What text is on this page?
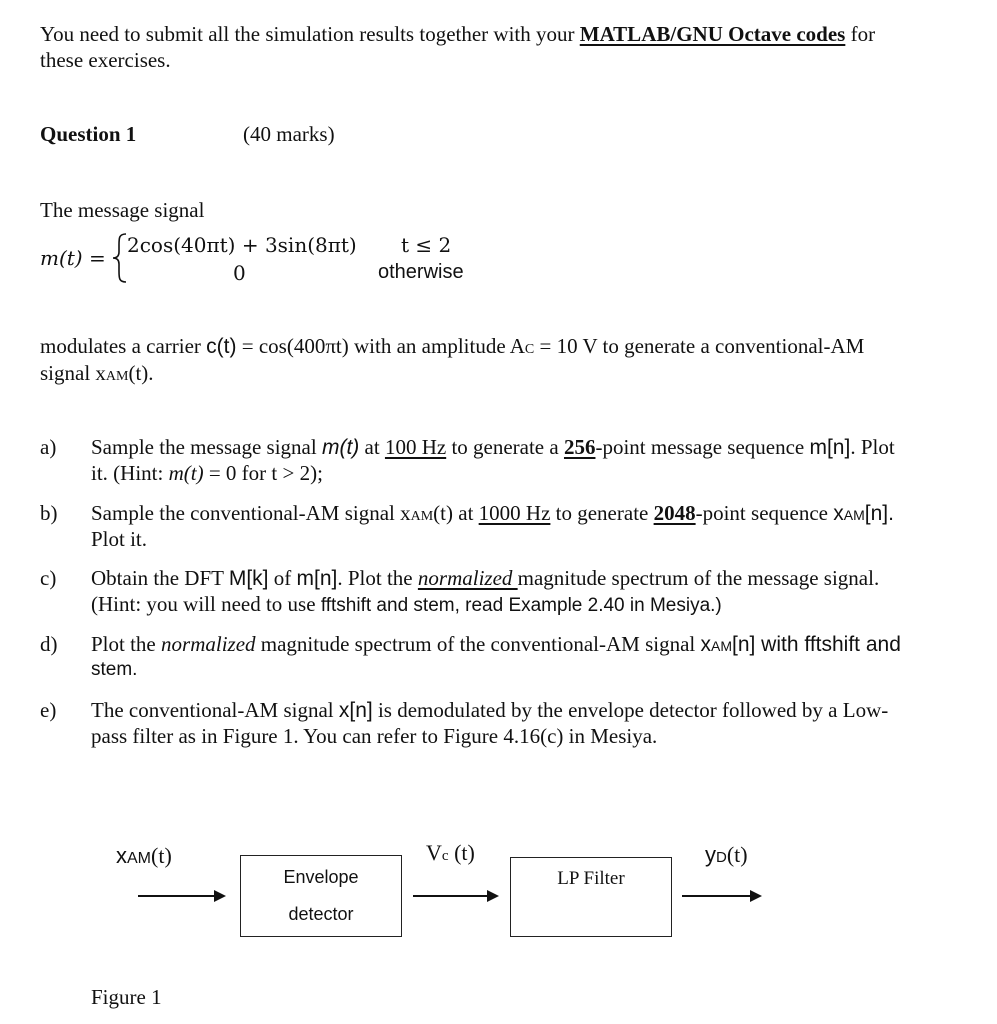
You need to submit all the simulation results together with your MATLAB/GNU Octave codes for
these exercises.
Question 1	(40 marks)
The message signal
m(t) =
2cos(40πt) + 3sin(8πt) t ≤ 2
0	otherwise
modulates a carrier c(t) = cos(400πt) with an amplitude AC = 10 V to generate a conventional-AM
signal xAM(t).
a) Sample the message signal m(t) at 100 Hz to generate a 256-point message sequence m[n]. Plot
it. (Hint: m(t) = 0 for t > 2);
b) Sample the conventional-AM signal xAM(t) at 1000 Hz to generate 2048-point sequence xAM[n].
Plot it.
c) Obtain the DFT M[k] of m[n]. Plot the normalized magnitude spectrum of the message signal.
(Hint: you will need to use fftshift and stem, read Example 2.40 in Mesiya.)
d) Plot the normalized magnitude spectrum of the conventional-AM signal xAM[n] with fftshift and
stem.
e) The conventional-AM signal x[n] is demodulated by the envelope detector followed by a Low-
pass filter as in Figure 1. You can refer to Figure 4.16(c) in Mesiya.
xAM(t)
Envelope
detector
Vc (t)
LP Filter
yD(t)
Figure 1
